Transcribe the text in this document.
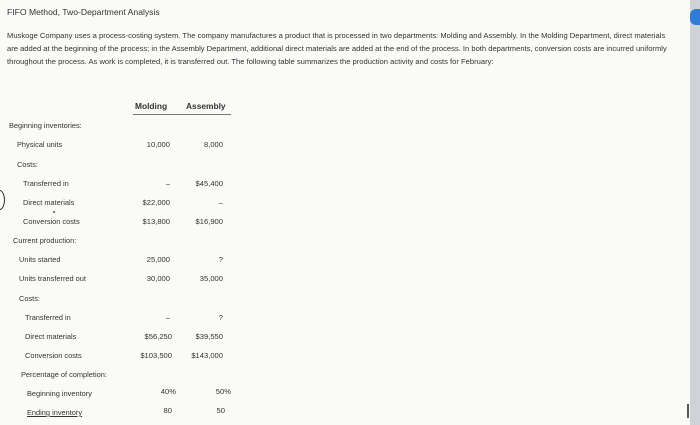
FIFO Method, Two-Department Analysis
Muskoge Company uses a process-costing system. The company manufactures a product that is processed in two departments: Molding and Assembly. In the Molding Department, direct materials are added at the beginning of the process; in the Assembly Department, additional direct materials are added at the end of the process. In both departments, conversion costs are incurred uniformly throughout the process. As work is completed, it is transferred out. The following table summarizes the production activity and costs for February:
Molding Assembly
Beginning inventories:
Physical units	10,000	8,000
Costs:
Transferred in	–	$45,400
Direct materials	$22,000	–
Conversion costs	$13,800	$16,900
Current production:
Units started	25,000	?
Units transferred out	30,000	35,000
Costs:
Transferred in	–	?
Direct materials	$56,250	$39,550
Conversion costs	$103,500	$143,000
Percentage of completion:
Beginning inventory	40%	50%
Ending inventory	80	50
